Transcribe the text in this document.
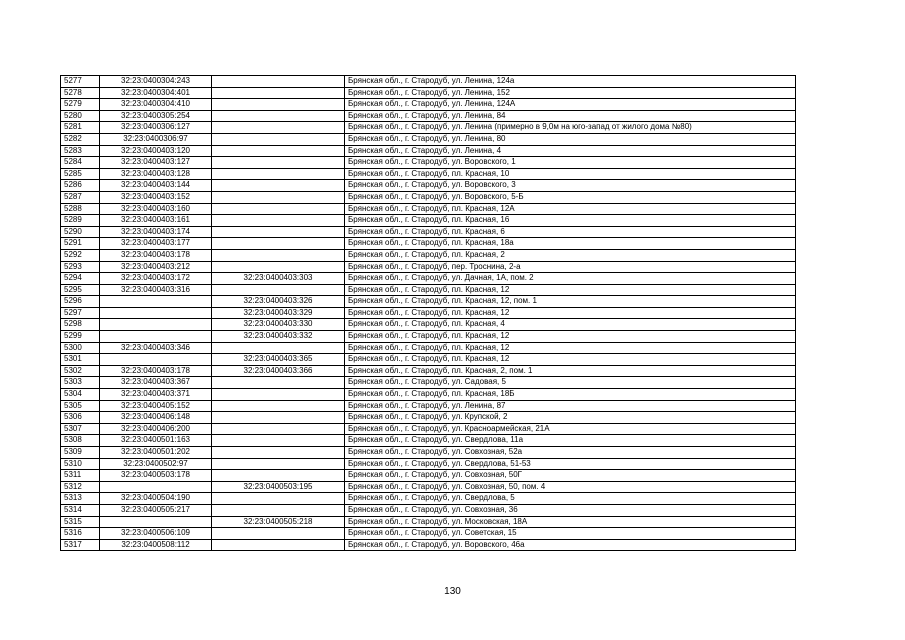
5277	32:23:0400304:243		Брянская обл., г. Стародуб, ул. Ленина, 124а
5278	32:23:0400304:401		Брянская обл., г. Стародуб, ул. Ленина, 152
5279	32:23:0400304:410		Брянская обл., г. Стародуб, ул. Ленина, 124А
5280	32:23:0400305:254		Брянская обл., г. Стародуб, ул. Ленина, 84
5281	32:23:0400306:127		Брянская обл., г. Стародуб, ул. Ленина (примерно в 9,0м на юго-запад от жилого дома №80)
5282	32:23:0400306:97		Брянская обл., г. Стародуб, ул. Ленина, 80
5283	32:23:0400403:120		Брянская обл., г. Стародуб, ул. Ленина, 4
5284	32:23:0400403:127		Брянская обл., г. Стародуб, ул. Воровского, 1
5285	32:23:0400403:128		Брянская обл., г. Стародуб, пл. Красная, 10
5286	32:23:0400403:144		Брянская обл., г. Стародуб, ул. Воровского, 3
5287	32:23:0400403:152		Брянская обл., г. Стародуб, ул. Воровского, 5-Б
5288	32:23:0400403:160		Брянская обл., г. Стародуб, пл. Красная, 12А
5289	32:23:0400403:161		Брянская обл., г. Стародуб, пл. Красная, 16
5290	32:23:0400403:174		Брянская обл., г. Стародуб, пл. Красная, 6
5291	32:23:0400403:177		Брянская обл., г. Стародуб, пл. Красная, 18а
5292	32:23:0400403:178		Брянская обл., г. Стародуб, пл. Красная, 2
5293	32:23:0400403:212		Брянская обл., г. Стародуб, пер. Троснина, 2-а
5294	32:23:0400403:172	32:23:0400403:303	Брянская обл., г. Стародуб, ул. Дачная, 1А, пом. 2
5295	32:23:0400403:316		Брянская обл., г. Стародуб, пл. Красная, 12
5296		32:23:0400403:326	Брянская обл., г. Стародуб, пл. Красная, 12, пом. 1
5297		32:23:0400403:329	Брянская обл., г. Стародуб, пл. Красная, 12
5298		32:23:0400403:330	Брянская обл., г. Стародуб, пл. Красная, 4
5299		32:23:0400403:332	Брянская обл., г. Стародуб, пл. Красная, 12
5300	32:23:0400403:346		Брянская обл., г. Стародуб, пл. Красная, 12
5301		32:23:0400403:365	Брянская обл., г. Стародуб, пл. Красная, 12
5302	32:23:0400403:178	32:23:0400403:366	Брянская обл., г. Стародуб, пл. Красная, 2, пом. 1
5303	32:23:0400403:367		Брянская обл., г. Стародуб, ул. Садовая, 5
5304	32:23:0400403:371		Брянская обл., г. Стародуб, пл. Красная, 18Б
5305	32:23:0400405:152		Брянская обл., г. Стародуб, ул. Ленина, 87
5306	32:23:0400406:148		Брянская обл., г. Стародуб, ул. Крупской, 2
5307	32:23:0400406:200		Брянская обл., г. Стародуб, ул. Красноармейская, 21А
5308	32:23:0400501:163		Брянская обл., г. Стародуб, ул. Свердлова, 11а
5309	32:23:0400501:202		Брянская обл., г. Стародуб, ул. Совхозная, 52а
5310	32:23:0400502:97		Брянская обл., г. Стародуб, ул. Свердлова, 51-53
5311	32:23:0400503:178		Брянская обл., г. Стародуб, ул. Совхозная, 50Г
5312		32:23:0400503:195	Брянская обл., г. Стародуб, ул. Совхозная, 50, пом. 4
5313	32:23:0400504:190		Брянская обл., г. Стародуб, ул. Свердлова, 5
5314	32:23:0400505:217		Брянская обл., г. Стародуб, ул. Совхозная, 36
5315		32:23:0400505:218	Брянская обл., г. Стародуб, ул. Московская, 18А
5316	32:23:0400506:109		Брянская обл., г. Стародуб, ул. Советская, 15
5317	32:23:0400508:112		Брянская обл., г. Стародуб, ул. Воровского, 46а
130
